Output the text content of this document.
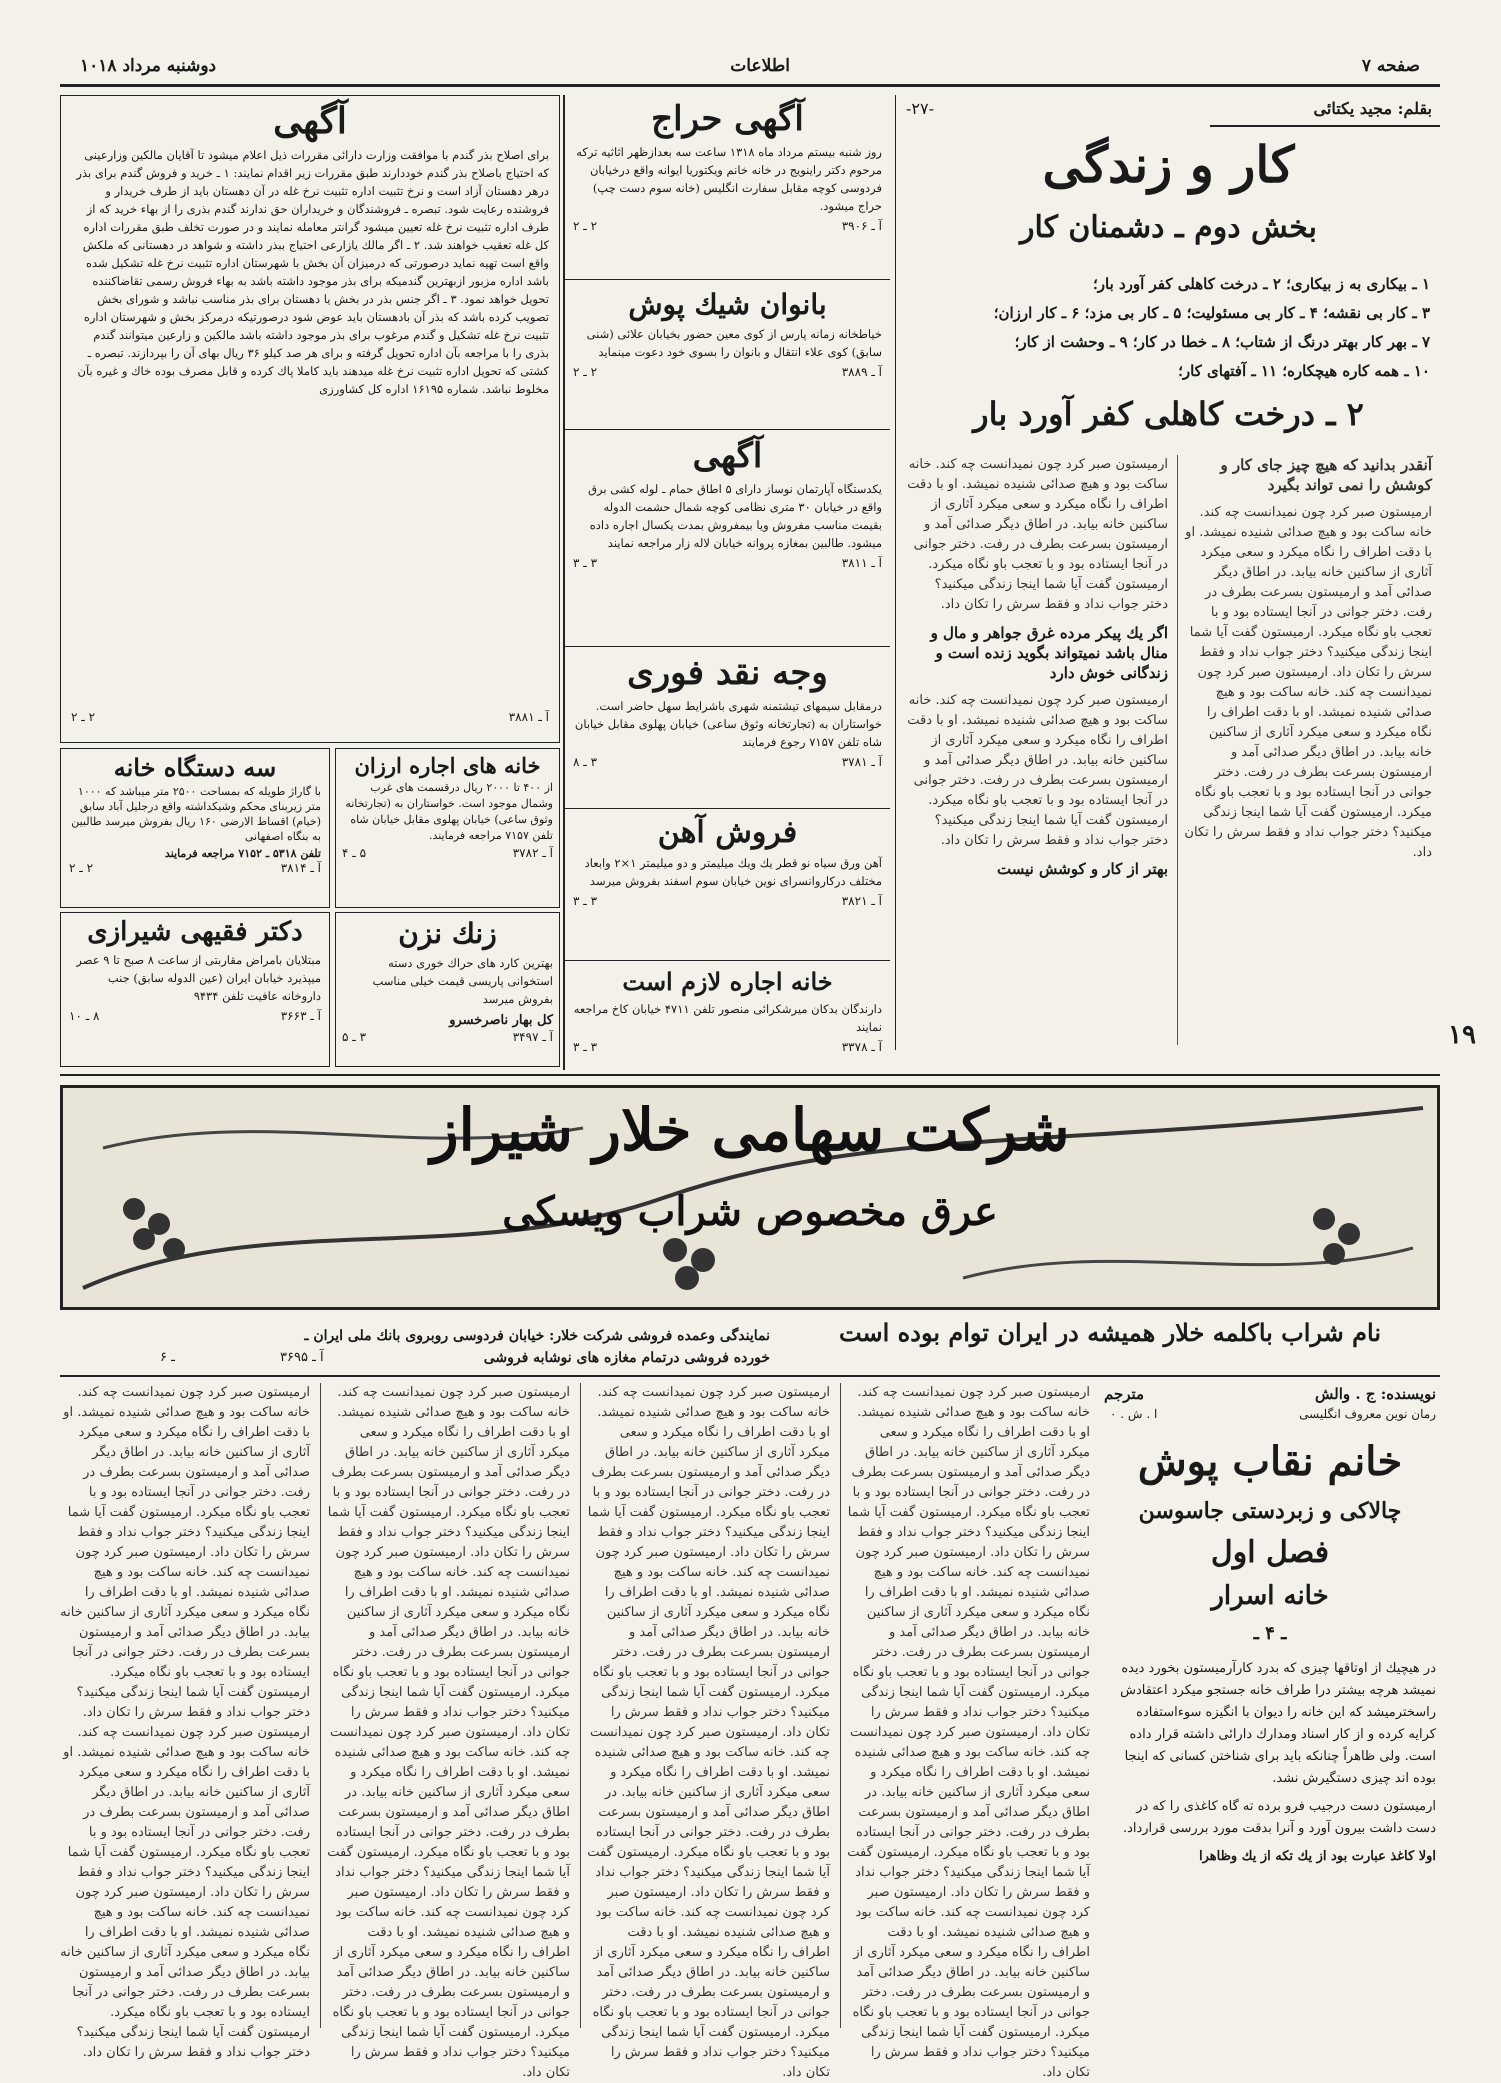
صفحه ۷
اطلاعات
دوشنبه مرداد ۱۰۱۸
۱۹
بقلم: مجید یکتائی
-۲۷-
کار و زندگی
بخش دوم ـ دشمنان کار
۱ ـ بیکاری به ز بیکاری؛ ۲ ـ درخت کاهلی کفر آورد بار؛
۳ ـ کار بی نقشه؛ ۴ ـ کار بی مسئولیت؛ ۵ ـ کار بی مزد؛ ۶ ـ کار ارزان؛
۷ ـ بهر کار بهتر درنگ از شتاب؛ ۸ ـ خطا در کار؛ ۹ ـ وحشت از کار؛
۱۰ ـ همه کاره هیچکاره؛ ۱۱ ـ آفتهای کار؛
۲ ـ درخت کاهلی کفر آورد بار
آنقدر بدانید که هیچ چیز جای کار و کوشش را نمی تواند بگیرد
ارمیستون صبر کرد چون نمیدانست چه کند. خانه ساکت بود و هیچ صدائی شنیده نمیشد. او با دقت اطراف را نگاه میکرد و سعی میکرد آثاری از ساکنین خانه بیابد. در اطاق دیگر صدائی آمد و ارمیستون بسرعت بطرف در رفت. دختر جوانی در آنجا ایستاده بود و با تعجب باو نگاه میکرد. ارمیستون گفت آیا شما اینجا زندگی میکنید؟ دختر جواب نداد و فقط سرش را تکان داد. ارمیستون صبر کرد چون نمیدانست چه کند. خانه ساکت بود و هیچ صدائی شنیده نمیشد. او با دقت اطراف را نگاه میکرد و سعی میکرد آثاری از ساکنین خانه بیابد. در اطاق دیگر صدائی آمد و ارمیستون بسرعت بطرف در رفت. دختر جوانی در آنجا ایستاده بود و با تعجب باو نگاه میکرد. ارمیستون گفت آیا شما اینجا زندگی میکنید؟ دختر جواب نداد و فقط سرش را تکان داد.
ارمیستون صبر کرد چون نمیدانست چه کند. خانه ساکت بود و هیچ صدائی شنیده نمیشد. او با دقت اطراف را نگاه میکرد و سعی میکرد آثاری از ساکنین خانه بیابد. در اطاق دیگر صدائی آمد و ارمیستون بسرعت بطرف در رفت. دختر جوانی در آنجا ایستاده بود و با تعجب باو نگاه میکرد. ارمیستون گفت آیا شما اینجا زندگی میکنید؟ دختر جواب نداد و فقط سرش را تکان داد.
اگر یك پیکر مرده غرق جواهر و مال و منال باشد نمیتواند بگوید زنده است و زندگانی خوش دارد
ارمیستون صبر کرد چون نمیدانست چه کند. خانه ساکت بود و هیچ صدائی شنیده نمیشد. او با دقت اطراف را نگاه میکرد و سعی میکرد آثاری از ساکنین خانه بیابد. در اطاق دیگر صدائی آمد و ارمیستون بسرعت بطرف در رفت. دختر جوانی در آنجا ایستاده بود و با تعجب باو نگاه میکرد. ارمیستون گفت آیا شما اینجا زندگی میکنید؟ دختر جواب نداد و فقط سرش را تکان داد.
بهتر از کار و کوشش نیست
آگهی حراج
روز شنبه بیستم مرداد ماه ۱۳۱۸ ساعت سه بعدازظهر اثاثیه ترکه مرحوم دکتر راینویج در خانه خانم ویکتوریا ایوانه واقع درخیابان فردوسی کوچه مقابل سفارت انگلیس (خانه سوم دست چپ) حراج میشود.
آ ـ ۳۹۰۶
۲ ـ ۲
بانوان شیك پوش
خیاطخانه زمانه پارس از کوی معین حضور بخیابان علائی (شنی سابق) کوی علاء انتقال و بانوان را بسوی خود دعوت مینماید
آ ـ ۳۸۸۹
۲ ـ ۲
آگهی
یکدستگاه آپارتمان نوساز دارای ۵ اطاق حمام ـ لوله کشی برق واقع در خیابان ۳۰ متری نظامی کوچه شمال حشمت الدوله بقیمت مناسب مفروش ویا بیمفروش بمدت یکسال اجاره داده میشود. طالبین بمغازه پروانه خیابان لاله زار مراجعه نمایند
آ ـ ۳۸۱۱
۳ ـ ۳
وجه نقد فوری
درمقابل سیمهای تیشتمنه شهری باشرایط سهل حاضر است. خواستاران به (تجارتخانه وثوق ساعی) خیابان پهلوی مقابل خیابان شاه تلفن ۷۱۵۷ رجوع فرمایند
آ ـ ۳۷۸۱
۳ ـ ۸
فروش آهن
آهن ورق سیاه نو قطر یك ویك میلیمتر و دو میلیمتر ۱×۲ وابعاد مختلف درکاروانسرای نوین خیابان سوم اسفند بفروش میرسد
آ ـ ۳۸۲۱
۳ ـ ۳
خانه اجاره لازم است
دارندگان بدکان میرشکرائی منصور تلفن ۴۷۱۱ خیابان کاخ مراجعه نمایند
آ ـ ۳۳۷۸
۳ ـ ۳
آگهی
برای اصلاح بذر گندم با موافقت وزارت دارائی مقررات ذیل اعلام میشود تا آقایان مالکین وزارعینی که احتیاج باصلاح بذر گندم خوددارند طبق مقررات زیر اقدام نمایند: ۱ ـ خرید و فروش گندم برای بذر درهر دهستان آزاد است و نرخ تثبیت اداره تثبیت نرخ غله در آن دهستان باید از طرف خریدار و فروشنده رعایت شود. تبصره ـ فروشندگان و خریداران حق ندارند گندم بذری را از بهاء خرید که از طرف اداره تثبیت نرخ غله تعیین میشود گرانتر معامله نمایند و در صورت تخلف طبق مقررات اداره کل غله تعقیب خواهند شد. ۲ ـ اگر مالك یازارعی احتیاج ببذر داشته و شواهد در دهستانی که ملکش واقع است تهیه نماید درصورتی که درمیزان آن بخش با شهرستان اداره تثبیت نرخ غله تشکیل شده باشد اداره مزبور ازبهترین گندمیکه برای بذر موجود داشته باشد به بهاء فروش رسمی تقاضاکننده تحویل خواهد نمود. ۳ ـ اگر جنس بذر در بخش یا دهستان برای بذر مناسب نباشد و شورای بخش تصویب کرده باشد که بذر آن بادهستان باید عوض شود درصورتیکه درمرکز بخش و شهرستان اداره تثبیت نرخ غله تشکیل و گندم مرغوب برای بذر موجود داشته باشد مالکین و زارعین میتوانند گندم بذری را با مراجعه بآن اداره تحویل گرفته و برای هر صد کیلو ۳۶ ریال بهای آن را بپردازند. تبصره ـ کشتی که تحویل اداره تثبیت نرخ غله میدهند باید کاملا پاك کرده و قابل مصرف بوده خاك و غیره بآن مخلوط نباشد. شماره ۱۶۱۹۵ اداره کل کشاورزی
آ ـ ۳۸۸۱
۲ ـ ۲
سه دستگاه خانه
با گاراژ طویله که بمساحت ۲۵۰۰ متر میباشد که ۱۰۰۰ متر زیربنای محکم وشیکداشته واقع درجلیل آباد سابق (خیام) اقساط الارضی ۱۶۰ ریال بفروش میرسد طالبین به بنگاه اصفهانی
تلفن ۵۳۱۸ ـ ۷۱۵۲ مراجعه فرمایند
آ ـ ۳۸۱۴
۲ ـ ۲
خانه های اجاره ارزان
از ۴۰۰ تا ۲۰۰۰ ریال درقسمت های غرب وشمال موجود است. خواستاران به (تجارتخانه وثوق ساعی) خیابان پهلوی مقابل خیابان شاه تلفن ۷۱۵۷ مراجعه فرمایند.
آ ـ ۳۷۸۲
۵ ـ ۴
دکتر فقیهی شیرازی
مبتلایان بامراض مقاربتی از ساعت ۸ صبح تا ۹ عصر میپذیرد خیابان ایران (عین الدوله سابق) جنب داروخانه عافیت تلفن ۹۴۳۴
آ ـ ۳۶۶۳
۸ ـ ۱۰
زنك نزن
بهترین کارد های حراك خوری دسته استخوانی پاریسی قیمت خیلی مناسب بفروش میرسد
کل بهار ناصرخسرو
آ ـ ۳۴۹۷
۳ ـ ۵
شرکت سهامی خلار شیراز
عرق مخصوص شراب ویسکی
نام شراب باکلمه خلار همیشه در ایران توام بوده است
نمایندگی وعمده فروشی شرکت خلار: خیابان فردوسی روبروی بانك ملی ایران ـ
خورده فروشی درتمام مغازه های نوشابه فروشی
آ ـ ۳۶۹۵
۶ ـ
نویسنده: ج . والش
مترجم
ا . ش . ۰	رمان نوین معروف انگلیسی
خانم نقاب پوش
چالاکی و زبردستی جاسوسن
فصل اول
خانه اسرار
ـ ۴ ـ

در هیچیك از اوتاقها چیزی كه بدرد كارآرمیستون بخورد دیده نمیشد هرچه بیشتر درا طراف خانه جستجو میكرد اعتقادش راسخترمیشد كه این خانه را دیوان با انگیزه سوءاستفاده كرایه كرده و از كار اسناد ومدارك دارائی داشته قرار داده است. ولی ظاهراً چنانكه باید برای شناختن کسانی که اینجا بوده اند چیزی دستگیرش نشد.

ارمیستون دست درجیب فرو برده ته گاه كاغذی را كه در دست داشت بیرون آورد و آنرا بدقت مورد بررسی قرارداد.

اولا كاغذ عبارت بود از یك تكه از یك وظاهرا

ارمیستون صبر کرد چون نمیدانست چه کند. خانه ساکت بود و هیچ صدائی شنیده نمیشد. او با دقت اطراف را نگاه میکرد و سعی میکرد آثاری از ساکنین خانه بیابد. در اطاق دیگر صدائی آمد و ارمیستون بسرعت بطرف در رفت. دختر جوانی در آنجا ایستاده بود و با تعجب باو نگاه میکرد. ارمیستون گفت آیا شما اینجا زندگی میکنید؟ دختر جواب نداد و فقط سرش را تکان داد. ارمیستون صبر کرد چون نمیدانست چه کند. خانه ساکت بود و هیچ صدائی شنیده نمیشد. او با دقت اطراف را نگاه میکرد و سعی میکرد آثاری از ساکنین خانه بیابد. در اطاق دیگر صدائی آمد و ارمیستون بسرعت بطرف در رفت. دختر جوانی در آنجا ایستاده بود و با تعجب باو نگاه میکرد. ارمیستون گفت آیا شما اینجا زندگی میکنید؟ دختر جواب نداد و فقط سرش را تکان داد. ارمیستون صبر کرد چون نمیدانست چه کند. خانه ساکت بود و هیچ صدائی شنیده نمیشد. او با دقت اطراف را نگاه میکرد و سعی میکرد آثاری از ساکنین خانه بیابد. در اطاق دیگر صدائی آمد و ارمیستون بسرعت بطرف در رفت. دختر جوانی در آنجا ایستاده بود و با تعجب باو نگاه میکرد. ارمیستون گفت آیا شما اینجا زندگی میکنید؟ دختر جواب نداد و فقط سرش را تکان داد. ارمیستون صبر کرد چون نمیدانست چه کند. خانه ساکت بود و هیچ صدائی شنیده نمیشد. او با دقت اطراف را نگاه میکرد و سعی میکرد آثاری از ساکنین خانه بیابد. در اطاق دیگر صدائی آمد و ارمیستون بسرعت بطرف در رفت. دختر جوانی در آنجا ایستاده بود و با تعجب باو نگاه میکرد. ارمیستون گفت آیا شما اینجا زندگی میکنید؟ دختر جواب نداد و فقط سرش را تکان داد.
ارمیستون صبر کرد چون نمیدانست چه کند. خانه ساکت بود و هیچ صدائی شنیده نمیشد. او با دقت اطراف را نگاه میکرد و سعی میکرد آثاری از ساکنین خانه بیابد. در اطاق دیگر صدائی آمد و ارمیستون بسرعت بطرف در رفت. دختر جوانی در آنجا ایستاده بود و با تعجب باو نگاه میکرد. ارمیستون گفت آیا شما اینجا زندگی میکنید؟ دختر جواب نداد و فقط سرش را تکان داد. ارمیستون صبر کرد چون نمیدانست چه کند. خانه ساکت بود و هیچ صدائی شنیده نمیشد. او با دقت اطراف را نگاه میکرد و سعی میکرد آثاری از ساکنین خانه بیابد. در اطاق دیگر صدائی آمد و ارمیستون بسرعت بطرف در رفت. دختر جوانی در آنجا ایستاده بود و با تعجب باو نگاه میکرد. ارمیستون گفت آیا شما اینجا زندگی میکنید؟ دختر جواب نداد و فقط سرش را تکان داد. ارمیستون صبر کرد چون نمیدانست چه کند. خانه ساکت بود و هیچ صدائی شنیده نمیشد. او با دقت اطراف را نگاه میکرد و سعی میکرد آثاری از ساکنین خانه بیابد. در اطاق دیگر صدائی آمد و ارمیستون بسرعت بطرف در رفت. دختر جوانی در آنجا ایستاده بود و با تعجب باو نگاه میکرد. ارمیستون گفت آیا شما اینجا زندگی میکنید؟ دختر جواب نداد و فقط سرش را تکان داد. ارمیستون صبر کرد چون نمیدانست چه کند. خانه ساکت بود و هیچ صدائی شنیده نمیشد. او با دقت اطراف را نگاه میکرد و سعی میکرد آثاری از ساکنین خانه بیابد. در اطاق دیگر صدائی آمد و ارمیستون بسرعت بطرف در رفت. دختر جوانی در آنجا ایستاده بود و با تعجب باو نگاه میکرد. ارمیستون گفت آیا شما اینجا زندگی میکنید؟ دختر جواب نداد و فقط سرش را تکان داد.
ارمیستون صبر کرد چون نمیدانست چه کند. خانه ساکت بود و هیچ صدائی شنیده نمیشد. او با دقت اطراف را نگاه میکرد و سعی میکرد آثاری از ساکنین خانه بیابد. در اطاق دیگر صدائی آمد و ارمیستون بسرعت بطرف در رفت. دختر جوانی در آنجا ایستاده بود و با تعجب باو نگاه میکرد. ارمیستون گفت آیا شما اینجا زندگی میکنید؟ دختر جواب نداد و فقط سرش را تکان داد. ارمیستون صبر کرد چون نمیدانست چه کند. خانه ساکت بود و هیچ صدائی شنیده نمیشد. او با دقت اطراف را نگاه میکرد و سعی میکرد آثاری از ساکنین خانه بیابد. در اطاق دیگر صدائی آمد و ارمیستون بسرعت بطرف در رفت. دختر جوانی در آنجا ایستاده بود و با تعجب باو نگاه میکرد. ارمیستون گفت آیا شما اینجا زندگی میکنید؟ دختر جواب نداد و فقط سرش را تکان داد. ارمیستون صبر کرد چون نمیدانست چه کند. خانه ساکت بود و هیچ صدائی شنیده نمیشد. او با دقت اطراف را نگاه میکرد و سعی میکرد آثاری از ساکنین خانه بیابد. در اطاق دیگر صدائی آمد و ارمیستون بسرعت بطرف در رفت. دختر جوانی در آنجا ایستاده بود و با تعجب باو نگاه میکرد. ارمیستون گفت آیا شما اینجا زندگی میکنید؟ دختر جواب نداد و فقط سرش را تکان داد. ارمیستون صبر کرد چون نمیدانست چه کند. خانه ساکت بود و هیچ صدائی شنیده نمیشد. او با دقت اطراف را نگاه میکرد و سعی میکرد آثاری از ساکنین خانه بیابد. در اطاق دیگر صدائی آمد و ارمیستون بسرعت بطرف در رفت. دختر جوانی در آنجا ایستاده بود و با تعجب باو نگاه میکرد. ارمیستون گفت آیا شما اینجا زندگی میکنید؟ دختر جواب نداد و فقط سرش را تکان داد.
ارمیستون صبر کرد چون نمیدانست چه کند. خانه ساکت بود و هیچ صدائی شنیده نمیشد. او با دقت اطراف را نگاه میکرد و سعی میکرد آثاری از ساکنین خانه بیابد. در اطاق دیگر صدائی آمد و ارمیستون بسرعت بطرف در رفت. دختر جوانی در آنجا ایستاده بود و با تعجب باو نگاه میکرد. ارمیستون گفت آیا شما اینجا زندگی میکنید؟ دختر جواب نداد و فقط سرش را تکان داد. ارمیستون صبر کرد چون نمیدانست چه کند. خانه ساکت بود و هیچ صدائی شنیده نمیشد. او با دقت اطراف را نگاه میکرد و سعی میکرد آثاری از ساکنین خانه بیابد. در اطاق دیگر صدائی آمد و ارمیستون بسرعت بطرف در رفت. دختر جوانی در آنجا ایستاده بود و با تعجب باو نگاه میکرد. ارمیستون گفت آیا شما اینجا زندگی میکنید؟ دختر جواب نداد و فقط سرش را تکان داد. ارمیستون صبر کرد چون نمیدانست چه کند. خانه ساکت بود و هیچ صدائی شنیده نمیشد. او با دقت اطراف را نگاه میکرد و سعی میکرد آثاری از ساکنین خانه بیابد. در اطاق دیگر صدائی آمد و ارمیستون بسرعت بطرف در رفت. دختر جوانی در آنجا ایستاده بود و با تعجب باو نگاه میکرد. ارمیستون گفت آیا شما اینجا زندگی میکنید؟ دختر جواب نداد و فقط سرش را تکان داد. ارمیستون صبر کرد چون نمیدانست چه کند. خانه ساکت بود و هیچ صدائی شنیده نمیشد. او با دقت اطراف را نگاه میکرد و سعی میکرد آثاری از ساکنین خانه بیابد. در اطاق دیگر صدائی آمد و ارمیستون بسرعت بطرف در رفت. دختر جوانی در آنجا ایستاده بود و با تعجب باو نگاه میکرد. ارمیستون گفت آیا شما اینجا زندگی میکنید؟ دختر جواب نداد و فقط سرش را تکان داد.
